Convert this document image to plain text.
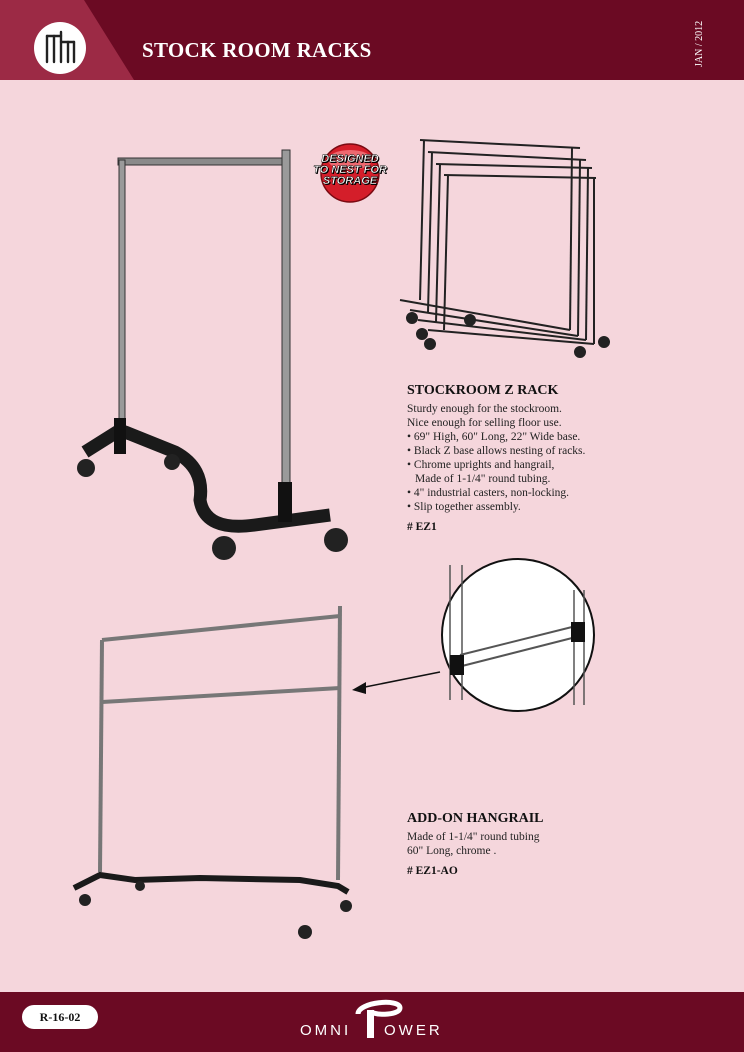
STOCK ROOM RACKS	JAN / 2012
DESIGNED
TO NEST FOR
STORAGE
STOCKROOM Z RACK

Sturdy enough for the stockroom.

Nice enough for selling floor use.

• 69" High, 60" Long, 22" Wide base.

• Black Z base allows nesting of racks.

• Chrome uprights and hangrail,

Made of 1-1/4" round tubing.

• 4" industrial casters, non-locking.

• Slip together assembly.

# EZ1

ADD-ON HANGRAIL

Made of 1-1/4" round tubing

60" Long, chrome .

# EZ1-AO

R-16-02
OMNI OWER
